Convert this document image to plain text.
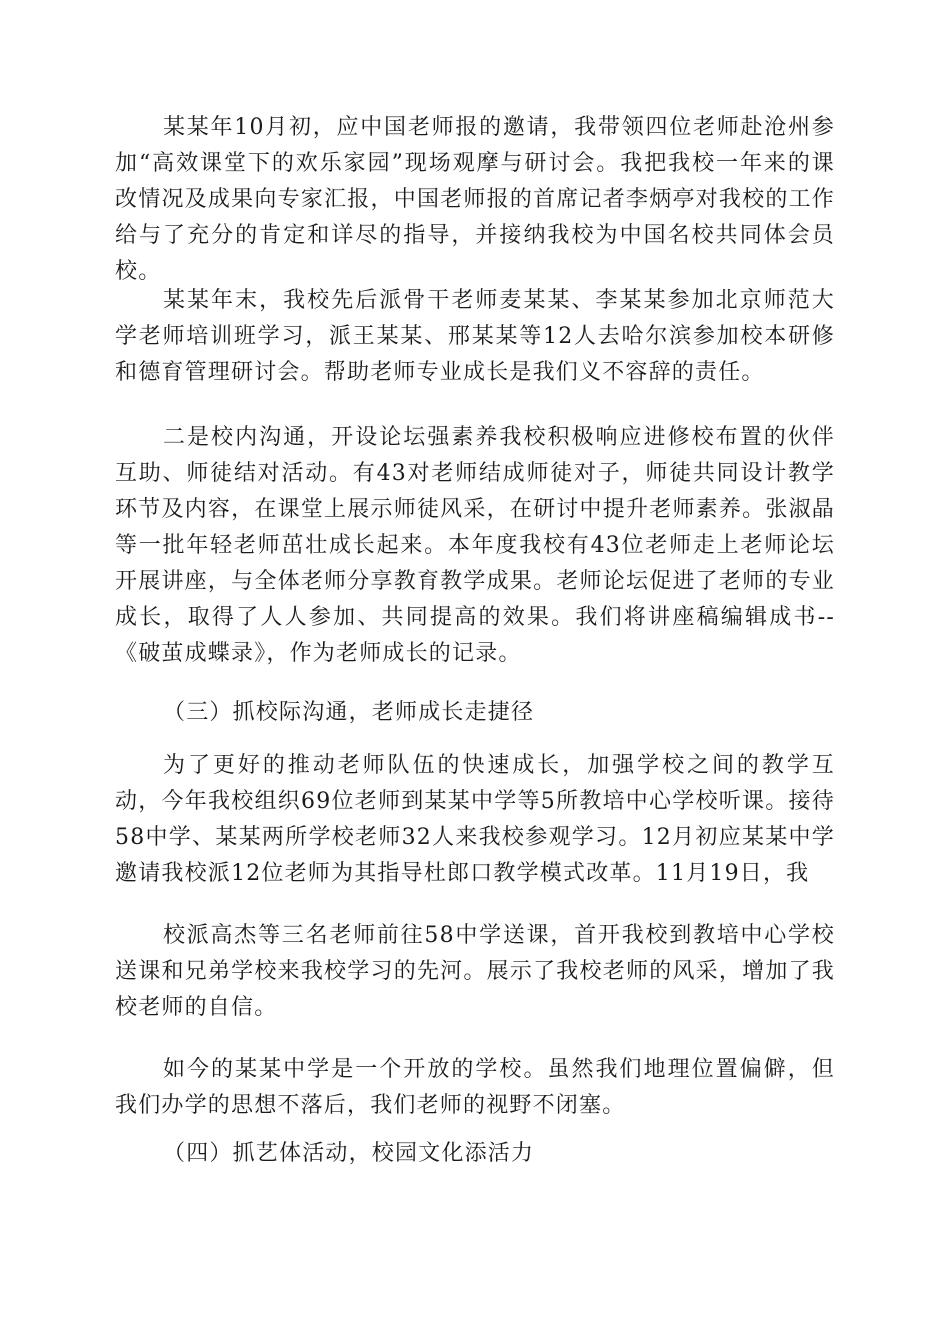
某某年10月初，应中国老师报的邀请，我带领四位老师赴沧州参加“高效课堂下的欢乐家园”现场观摩与研讨会。我把我校一年来的课改情况及成果向专家汇报，中国老师报的首席记者李炳亭对我校的工作给与了充分的肯定和详尽的指导，并接纳我校为中国名校共同体会员校。

某某年末，我校先后派骨干老师麦某某、李某某参加北京师范大学老师培训班学习，派王某某、邢某某等12人去哈尔滨参加校本研修和德育管理研讨会。帮助老师专业成长是我们义不容辞的责任。

二是校内沟通，开设论坛强素养我校积极响应进修校布置的伙伴互助、师徒结对活动。有43对老师结成师徒对子，师徒共同设计教学环节及内容，在课堂上展示师徒风采，在研讨中提升老师素养。张淑晶等一批年轻老师茁壮成长起来。本年度我校有43位老师走上老师论坛开展讲座，与全体老师分享教育教学成果。老师论坛促进了老师的专业成长，取得了人人参加、共同提高的效果。我们将讲座稿编辑成书--《破茧成蝶录》，作为老师成长的记录。

（三）抓校际沟通，老师成长走捷径

为了更好的推动老师队伍的快速成长，加强学校之间的教学互动，今年我校组织69位老师到某某中学等5所教培中心学校听课。接待58中学、某某两所学校老师32人来我校参观学习。12月初应某某中学邀请我校派12位老师为其指导杜郎口教学模式改革。11月19日，我

校派高杰等三名老师前往58中学送课，首开我校到教培中心学校送课和兄弟学校来我校学习的先河。展示了我校老师的风采，增加了我校老师的自信。

如今的某某中学是一个开放的学校。虽然我们地理位置偏僻，但我们办学的思想不落后，我们老师的视野不闭塞。

（四）抓艺体活动，校园文化添活力
